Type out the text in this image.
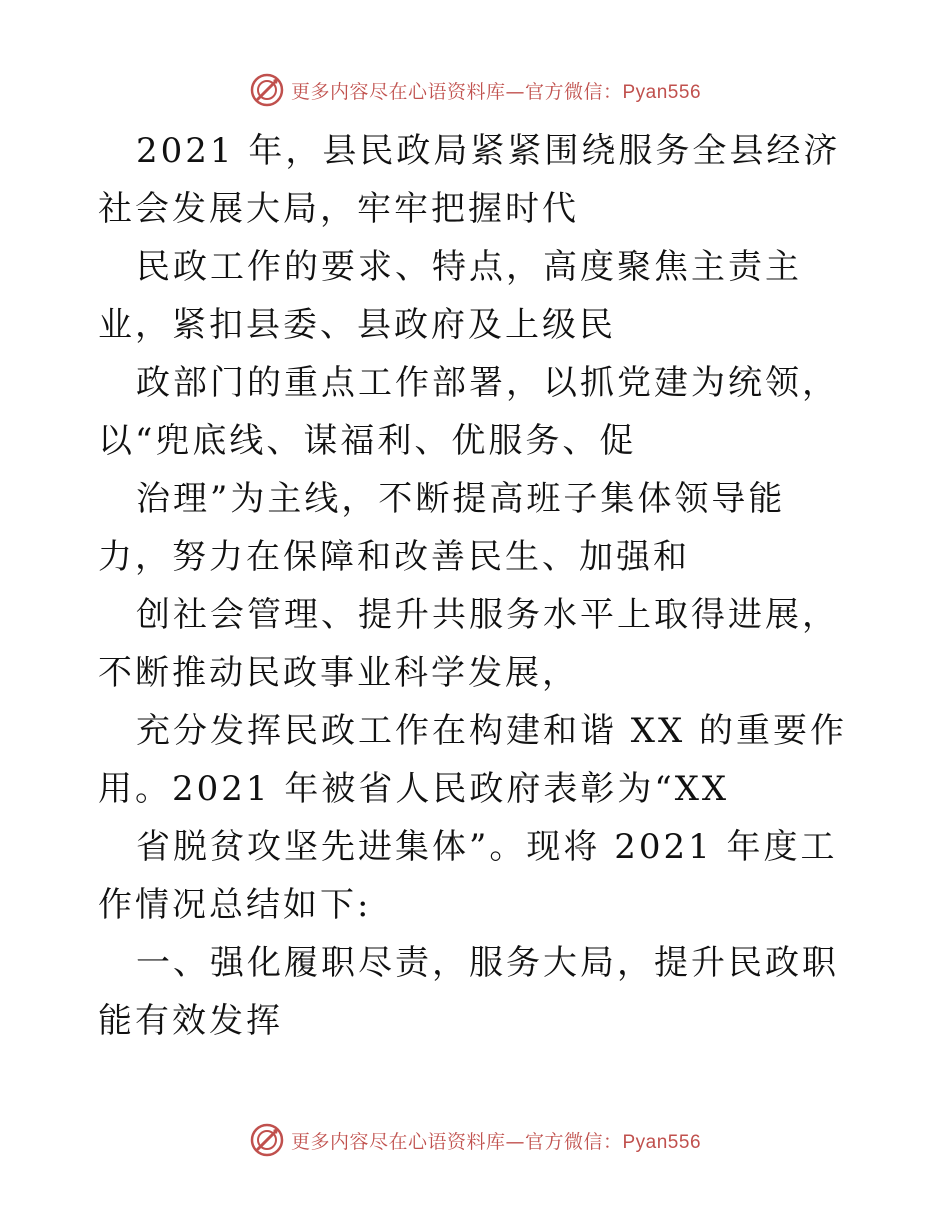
更多内容尽在心语资料库—官方微信：Pyan556

2021 年，县民政局紧紧围绕服务全县经济社会发展大局，牢牢把握时代

民政工作的要求、特点，高度聚焦主责主业，紧扣县委、县政府及上级民

政部门的重点工作部署，以抓党建为统领，以“兜底线、谋福利、优服务、促

治理”为主线，不断提高班子集体领导能力，努力在保障和改善民生、加强和

创社会管理、提升共服务水平上取得进展，不断推动民政事业科学发展，

充分发挥民政工作在构建和谐 XX 的重要作用。2021 年被省人民政府表彰为“XX

省脱贫攻坚先进集体”。现将 2021 年度工作情况总结如下:

一、强化履职尽责，服务大局，提升民政职能有效发挥

更多内容尽在心语资料库—官方微信：Pyan556
